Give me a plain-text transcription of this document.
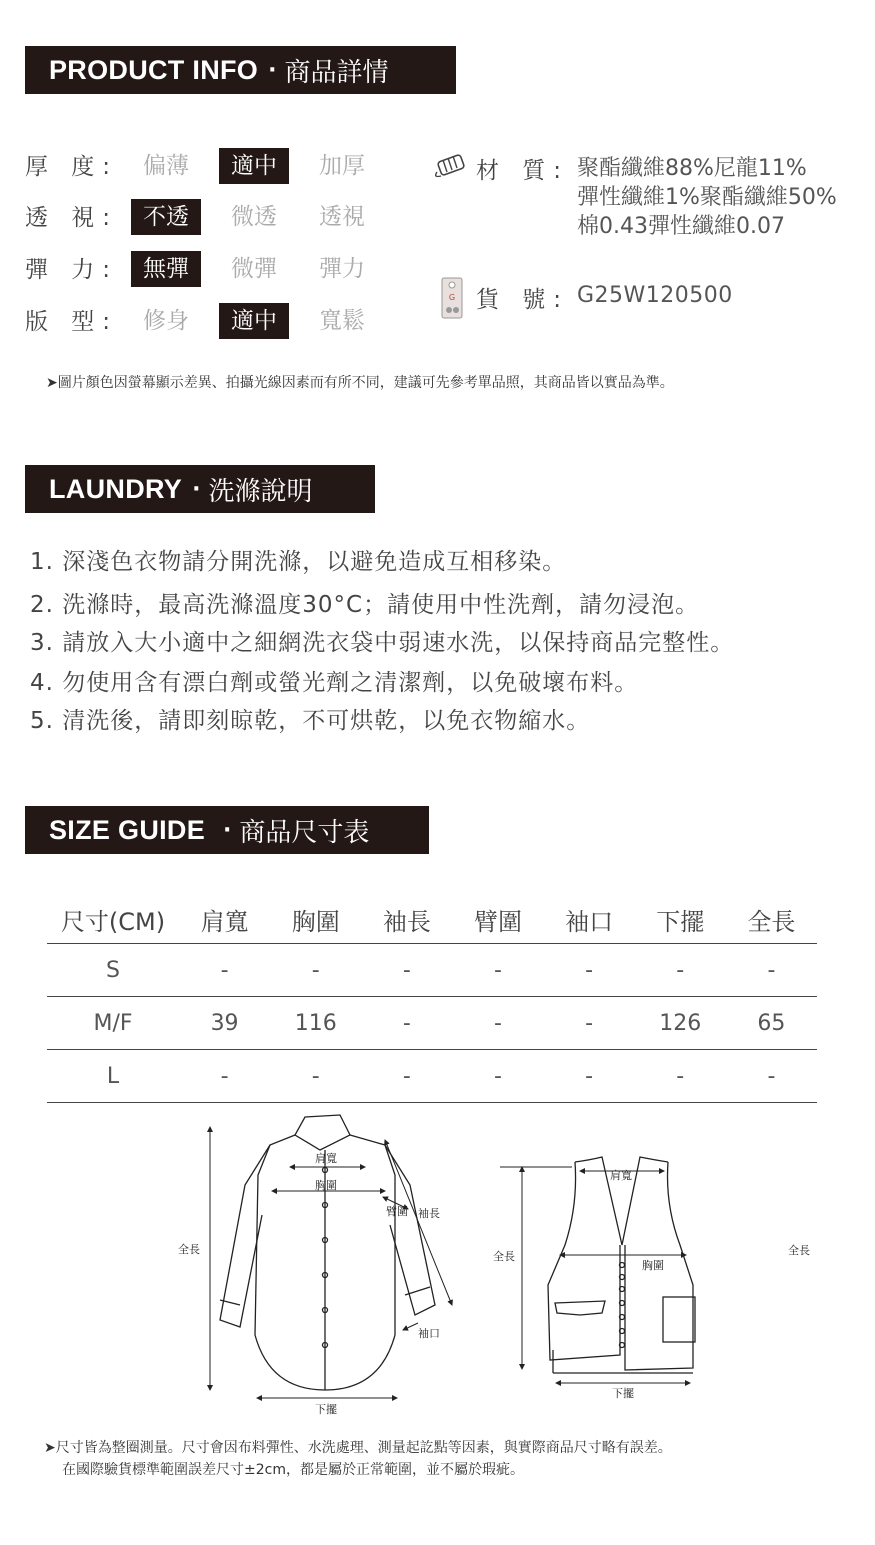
PRODUCT INFO · 商品詳情
厚 度:	偏薄	適中	加厚
透 視:	不透	微透	透視
彈 力:	無彈	微彈	彈力
版 型:	修身	適中	寬鬆
材 質: 聚酯纖維88%尼龍11%
彈性纖維1%聚酯纖維50%
棉0.43彈性纖維0.07
G 貨 號: G25W120500
➤圖片顏色因螢幕顯示差異、拍攝光線因素而有所不同，建議可先參考單品照，其商品皆以實品為準。
LAUNDRY · 洗滌說明
1. 深淺色衣物請分開洗滌，以避免造成互相移染。
2. 洗滌時，最高洗滌溫度30°C；請使用中性洗劑，請勿浸泡。
3. 請放入大小適中之細網洗衣袋中弱速水洗，以保持商品完整性。
4. 勿使用含有漂白劑或螢光劑之清潔劑，以免破壞布料。
5. 清洗後，請即刻晾乾，不可烘乾，以免衣物縮水。
SIZE GUIDE · 商品尺寸表
尺寸(CM)	肩寬	胸圍	袖長	臂圍	袖口	下擺	全長
S	-	-	-	-	-	-	-
M/F	39	116	-	-	-	126	65
L	-	-	-	-	-	-	-
肩寬
胸圍
臂圍 袖長
全長
袖口
下擺
肩寬
胸圍
全長	全長
下擺
➤尺寸皆為整圈測量。尺寸會因布料彈性、水洗處理、測量起訖點等因素，與實際商品尺寸略有誤差。
在國際驗貨標準範圍誤差尺寸±2cm，都是屬於正常範圍，並不屬於瑕疵。
